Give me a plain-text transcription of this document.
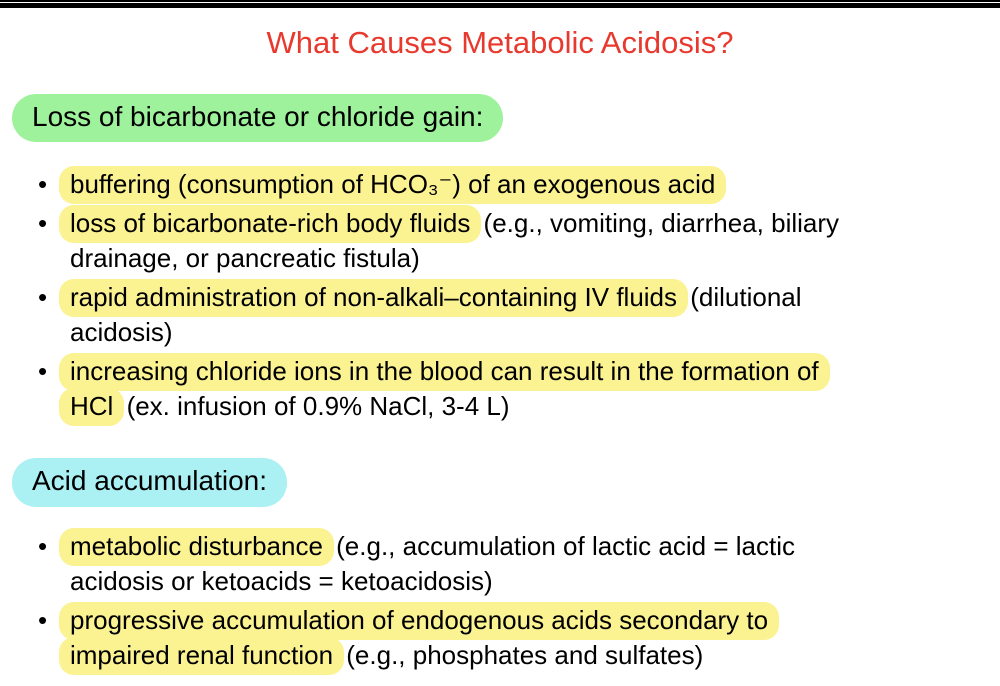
What Causes Metabolic Acidosis?
Loss of bicarbonate or chloride gain:
• buffering (consumption of HCO₃⁻) of an exogenous acid
• loss of bicarbonate-rich body fluids (e.g., vomiting, diarrhea, biliary
drainage, or pancreatic fistula)
• rapid administration of non-alkali–containing IV fluids (dilutional
acidosis)
• increasing chloride ions in the blood can result in the formation of
HCl (ex. infusion of 0.9% NaCl, 3-4 L)
Acid accumulation:
• metabolic disturbance (e.g., accumulation of lactic acid = lactic
acidosis or ketoacids = ketoacidosis)
• progressive accumulation of endogenous acids secondary to
impaired renal function (e.g., phosphates and sulfates)
